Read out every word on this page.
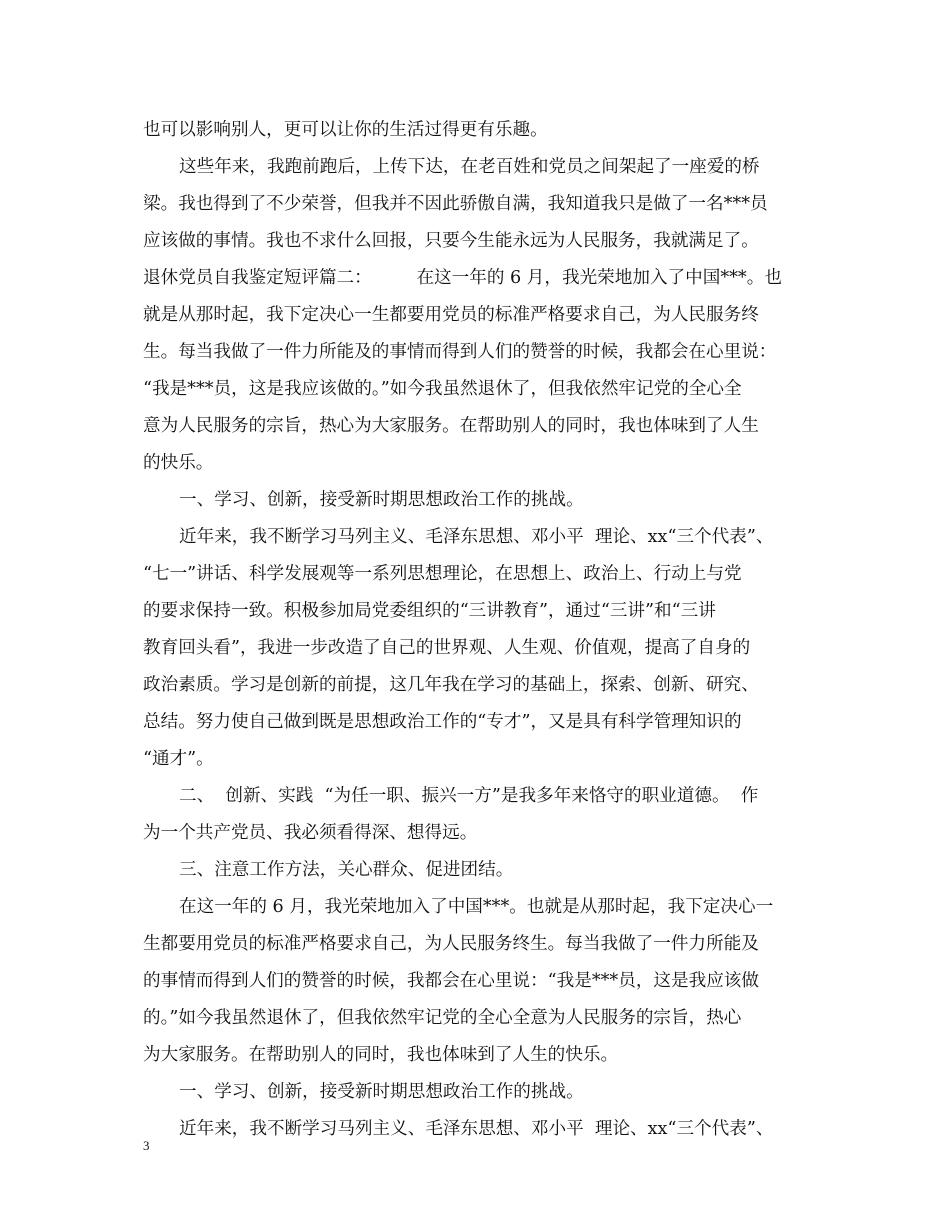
也可以影响别人，更可以让你的生活过得更有乐趣。
这些年来，我跑前跑后，上传下达，在老百姓和党员之间架起了一座爱的桥
梁。我也得到了不少荣誉，但我并不因此骄傲自满，我知道我只是做了一名***员
应该做的事情。我也不求什么回报，只要今生能永远为人民服务，我就满足了。
退休党员自我鉴定短评篇二：        在这一年的 6 月，我光荣地加入了中国***。也
就是从那时起，我下定决心一生都要用党员的标准严格要求自己，为人民服务终
生。每当我做了一件力所能及的事情而得到人们的赞誉的时候，我都会在心里说：
“我是***员，这是我应该做的。”如今我虽然退休了，但我依然牢记党的全心全
意为人民服务的宗旨，热心为大家服务。在帮助别人的同时，我也体味到了人生
的快乐。
一、学习、创新，接受新时期思想政治工作的挑战。
近年来，我不断学习马列主义、毛泽东思想、邓小平  理论、xx“三个代表”、
“七一”讲话、科学发展观等一系列思想理论，在思想上、政治上、行动上与党
的要求保持一致。积极参加局党委组织的“三讲教育”，通过“三讲”和“三讲
教育回头看”，我进一步改造了自己的世界观、人生观、价值观，提高了自身的
政治素质。学习是创新的前提，这几年我在学习的基础上，探索、创新、研究、
总结。努力使自己做到既是思想政治工作的“专才”，又是具有科学管理知识的
“通才”。
二、  创新、实践  “为任一职、振兴一方”是我多年来恪守的职业道德。  作
为一个共产党员、我必须看得深、想得远。
三、注意工作方法，关心群众、促进团结。
在这一年的 6 月，我光荣地加入了中国***。也就是从那时起，我下定决心一
生都要用党员的标准严格要求自己，为人民服务终生。每当我做了一件力所能及
的事情而得到人们的赞誉的时候，我都会在心里说：“我是***员，这是我应该做
的。”如今我虽然退休了，但我依然牢记党的全心全意为人民服务的宗旨，热心
为大家服务。在帮助别人的同时，我也体味到了人生的快乐。
一、学习、创新，接受新时期思想政治工作的挑战。
近年来，我不断学习马列主义、毛泽东思想、邓小平  理论、xx“三个代表”、
3
